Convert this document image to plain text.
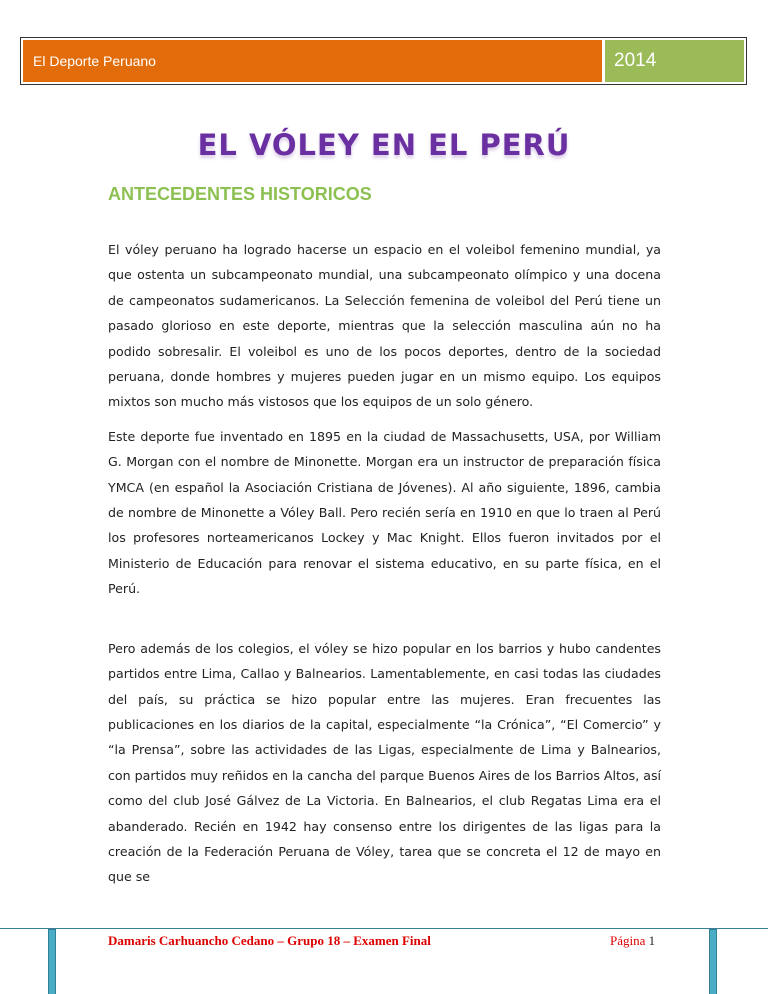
El Deporte Peruano	2014
EL VÓLEY EN EL PERÚ
ANTECEDENTES HISTORICOS

El vóley peruano ha logrado hacerse un espacio en el voleibol femenino mundial, ya que ostenta un subcampeonato mundial, una subcampeonato olímpico y una docena de campeonatos sudamericanos. La Selección femenina de voleibol del Perú tiene un pasado glorioso en este deporte, mientras que la selección masculina aún no ha podido sobresalir. El voleibol es uno de los pocos deportes, dentro de la sociedad peruana, donde hombres y mujeres pueden jugar en un mismo equipo. Los equipos mixtos son mucho más vistosos que los equipos de un solo género.

Este deporte fue inventado en 1895 en la ciudad de Massachusetts, USA, por William G. Morgan con el nombre de Minonette. Morgan era un instructor de preparación física YMCA (en español la Asociación Cristiana de Jóvenes). Al año siguiente, 1896, cambia de nombre de Minonette a Vóley Ball. Pero recién sería en 1910 en que lo traen al Perú los profesores norteamericanos Lockey y Mac Knight. Ellos fueron invitados por el Ministerio de Educación para renovar el sistema educativo, en su parte física, en el Perú.

Pero además de los colegios, el vóley se hizo popular en los barrios y hubo candentes partidos entre Lima, Callao y Balnearios. Lamentablemente, en casi todas las ciudades del país, su práctica se hizo popular entre las mujeres. Eran frecuentes las publicaciones en los diarios de la capital, especialmente “la Crónica”, “El Comercio” y “la Prensa”, sobre las actividades de las Ligas, especialmente de Lima y Balnearios, con partidos muy reñidos en la cancha del parque Buenos Aires de los Barrios Altos, así como del club José Gálvez de La Victoria. En Balnearios, el club Regatas Lima era el abanderado. Recién en 1942 hay consenso entre los dirigentes de las ligas para la creación de la Federación Peruana de Vóley, tarea que se concreta el 12 de mayo en que se

Damaris Carhuancho Cedano – Grupo 18 – Examen Final	Página 1
